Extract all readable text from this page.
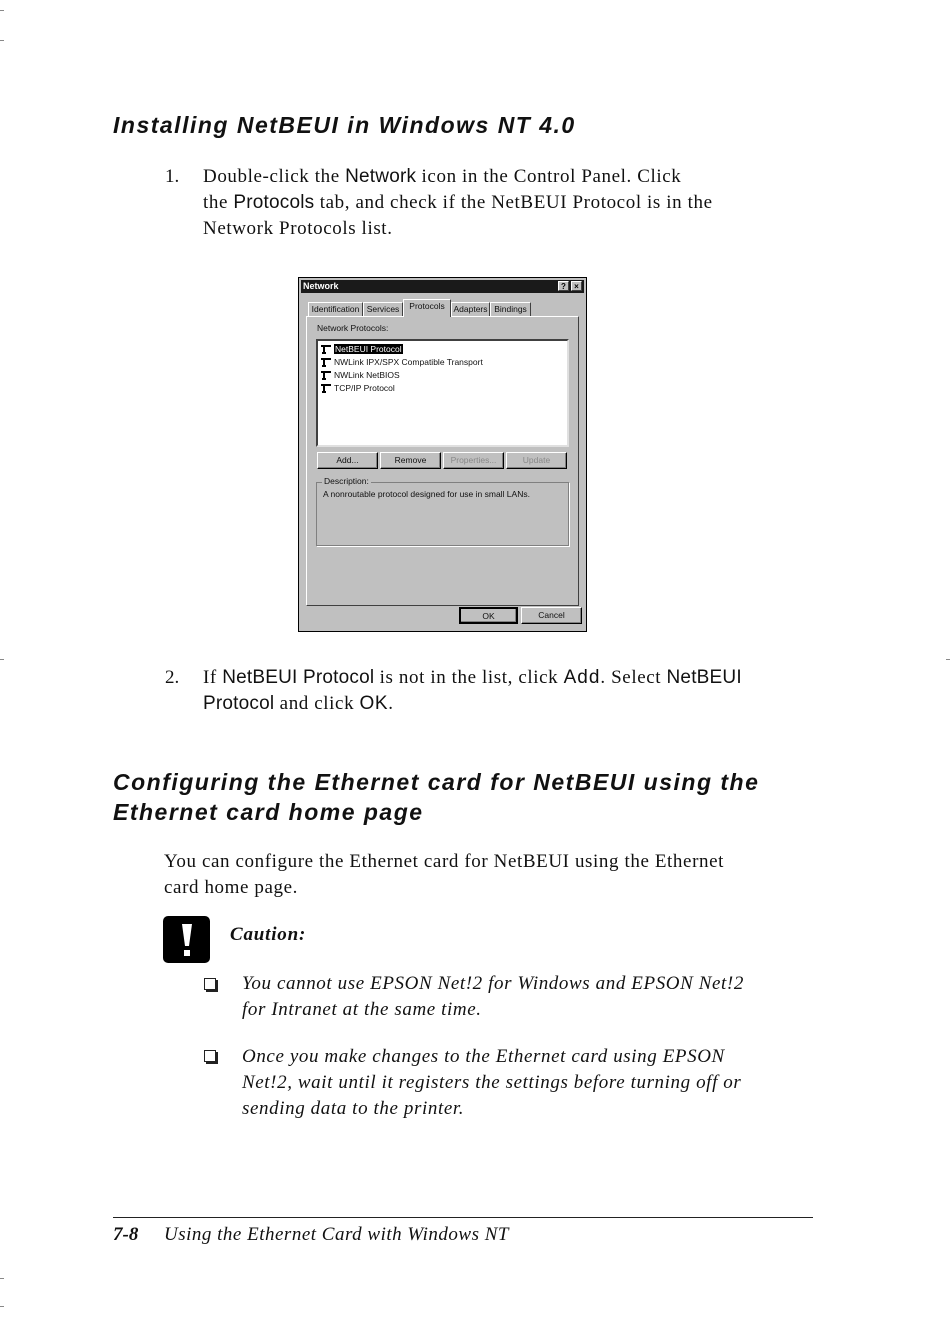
Installing NetBEUI in Windows NT 4.0
1. Double-click the Network icon in the Control Panel. Click
the Protocols tab, and check if the NetBEUI Protocol is in the
Network Protocols list.
Network	?	×
Identification Services	Protocols	Adapters Bindings
Network Protocols:
NetBEUI Protocol
NWLink IPX/SPX Compatible Transport
NWLink NetBIOS
TCP/IP Protocol
Add...	Remove	Properties...	Update
Description:
A nonroutable protocol designed for use in small LANs.
OK	Cancel
2. If NetBEUI Protocol is not in the list, click Add. Select NetBEUI
Protocol and click OK.
Configuring the Ethernet card for NetBEUI using the
Ethernet card home page
You can configure the Ethernet card for NetBEUI using the Ethernet
card home page.
Caution:
You cannot use EPSON Net!2 for Windows and EPSON Net!2
for Intranet at the same time.
Once you make changes to the Ethernet card using EPSON
Net!2, wait until it registers the settings before turning off or
sending data to the printer.
7-8 Using the Ethernet Card with Windows NT
